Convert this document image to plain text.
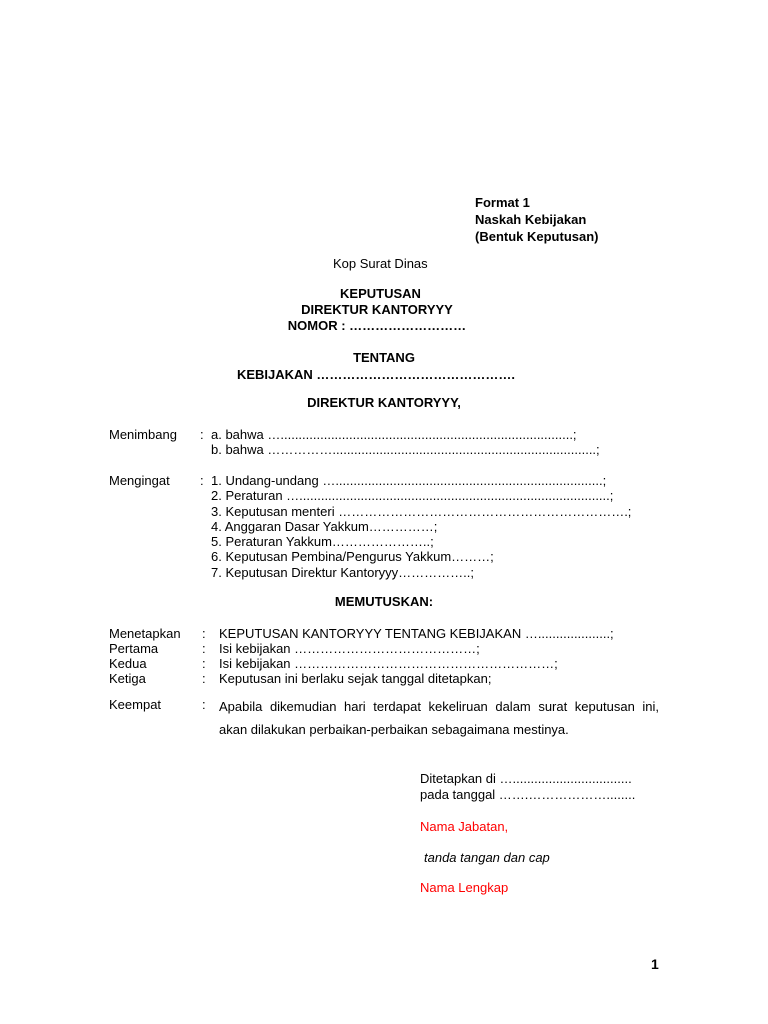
Format 1
Naskah Kebijakan
(Bentuk Keputusan)
Kop Surat Dinas
KEPUTUSAN
DIREKTUR KANTORYYY
NOMOR : ………………………
TENTANG
KEBIJAKAN ……………………………………….
DIREKTUR KANTORYYY,
Menimbang : a. bahwa ….................................................................................;
b. bahwa …………….........................................................................;
Mengingat : 1. Undang-undang …..........................................................................;
2. Peraturan …......................................................................................;
3. Keputusan menteri ………………………………………………………….;
4. Anggaran Dasar Yakkum……………;
5. Peraturan Yakkum…………………..;
6. Keputusan Pembina/Pengurus Yakkum………;
7. Keputusan Direktur Kantoryyy……………..;
MEMUTUSKAN:
Menetapkan : KEPUTUSAN KANTORYYY TENTANG KEBIJAKAN …....................;
Pertama	: Isi kebijakan ……………………………………;
Kedua	: Isi kebijakan ……………………………………………………;
Ketiga	: Keputusan ini berlaku sejak tanggal ditetapkan;
Keempat	: Apabila dikemudian hari terdapat kekeliruan dalam surat keputusan ini, akan dilakukan perbaikan-perbaikan sebagaimana mestinya.
Ditetapkan di ….................................
pada tanggal …….………………........
Nama Jabatan,
tanda tangan dan cap
Nama Lengkap
1
